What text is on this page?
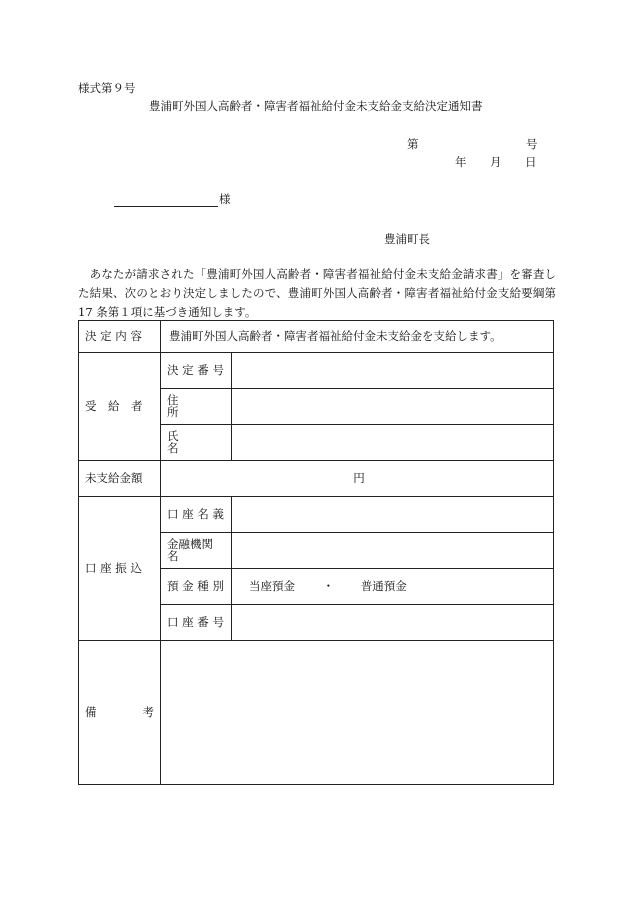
様式第９号
豊浦町外国人高齢者・障害者福祉給付金未支給金支給決定通知書
第	号
年 月 日
様
豊浦町長
　あなたが請求された「豊浦町外国人高齢者・障害者福祉給付金未支給金請求書」を審査した結果、次のとおり決定しましたので、豊浦町外国人高齢者・障害者福祉給付金支給要綱第 17 条第１項に基づき通知します。
決 定 内 容	豊浦町外国人高齢者・障害者福祉給付金未支給金を支給します。	
受　給　者	決 定 番 号	
	住　　　所	
	氏　　　名	
未支給金額	円	
口 座 振 込	口 座 名 義	
	金融機関名	
	預 金 種 別	当座預金 ・ 普通預金
	口 座 番 号	
備　　　　考		
